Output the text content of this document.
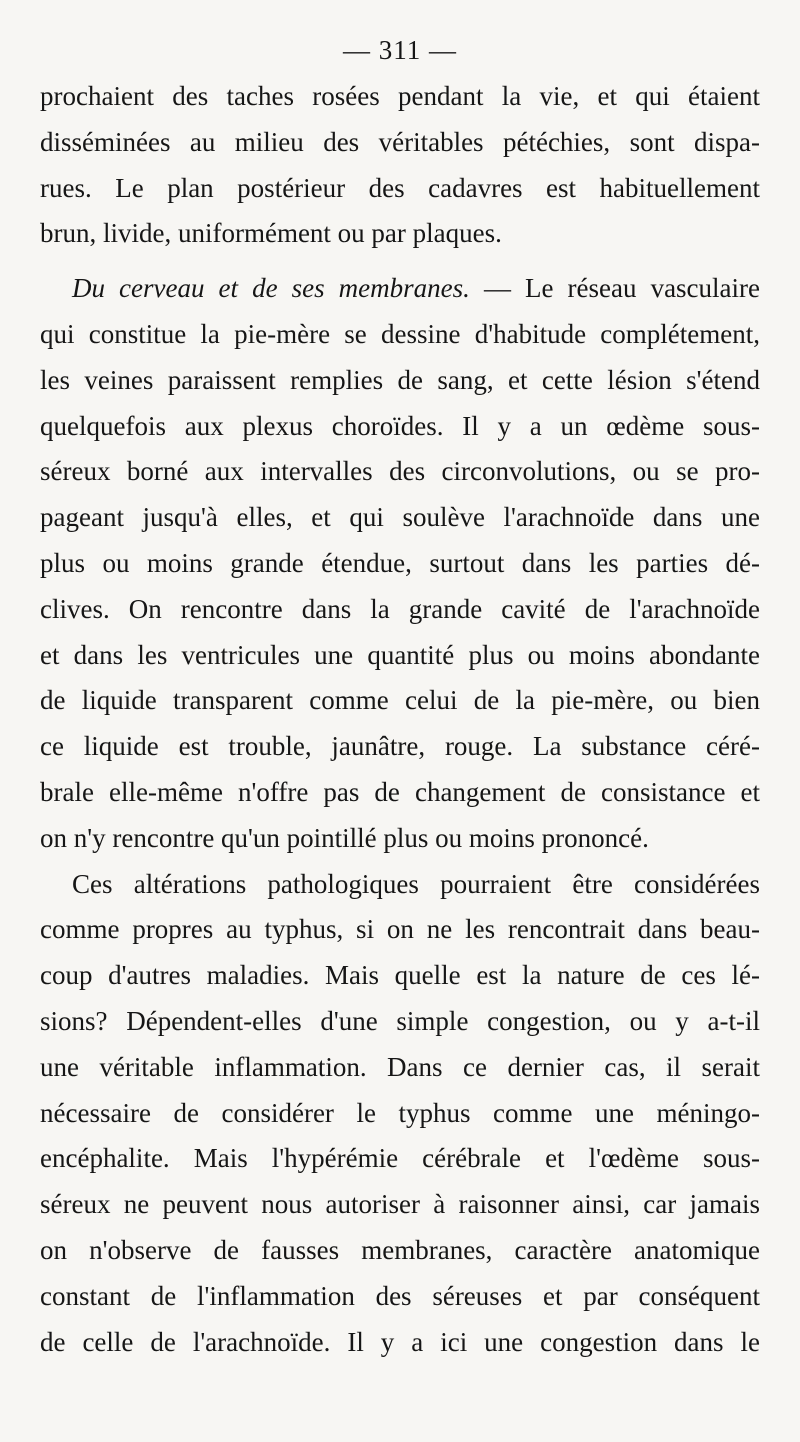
— 311 —
prochaient des taches rosées pendant la vie, et qui étaient
disséminées au milieu des véritables pétéchies, sont dispa-
rues. Le plan postérieur des cadavres est habituellement
brun, livide, uniformément ou par plaques.
Du cerveau et de ses membranes. — Le réseau vasculaire
qui constitue la pie-mère se dessine d'habitude complétement,
les veines paraissent remplies de sang, et cette lésion s'étend
quelquefois aux plexus choroïdes. Il y a un œdème sous-
séreux borné aux intervalles des circonvolutions, ou se pro-
pageant jusqu'à elles, et qui soulève l'arachnoïde dans une
plus ou moins grande étendue, surtout dans les parties dé-
clives. On rencontre dans la grande cavité de l'arachnoïde
et dans les ventricules une quantité plus ou moins abondante
de liquide transparent comme celui de la pie-mère, ou bien
ce liquide est trouble, jaunâtre, rouge. La substance céré-
brale elle-même n'offre pas de changement de consistance et
on n'y rencontre qu'un pointillé plus ou moins prononcé.
Ces altérations pathologiques pourraient être considérées
comme propres au typhus, si on ne les rencontrait dans beau-
coup d'autres maladies. Mais quelle est la nature de ces lé-
sions? Dépendent-elles d'une simple congestion, ou y a-t-il
une véritable inflammation. Dans ce dernier cas, il serait
nécessaire de considérer le typhus comme une méningo-
encéphalite. Mais l'hypérémie cérébrale et l'œdème sous-
séreux ne peuvent nous autoriser à raisonner ainsi, car jamais
on n'observe de fausses membranes, caractère anatomique
constant de l'inflammation des séreuses et par conséquent
de celle de l'arachnoïde. Il y a ici une congestion dans le
